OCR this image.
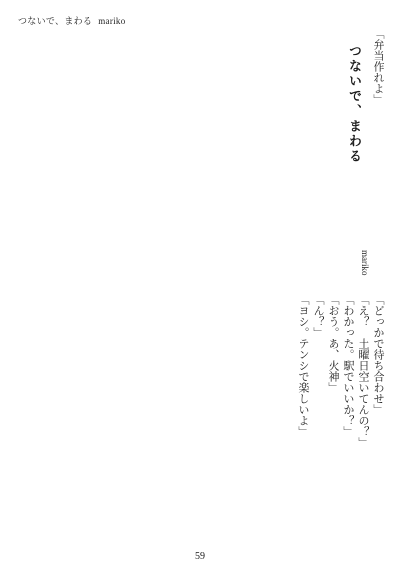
つないで、まわる mariko
つないで、まわる
mariko

「弁当作れよ」

「どっかで待ち合わせ」

「え？　土曜日空いてんの？」

「わかった。駅でいいか？」

「おう。あ、火神」

「ん？」

「ヨシ。テンシで楽しいよ」

59
